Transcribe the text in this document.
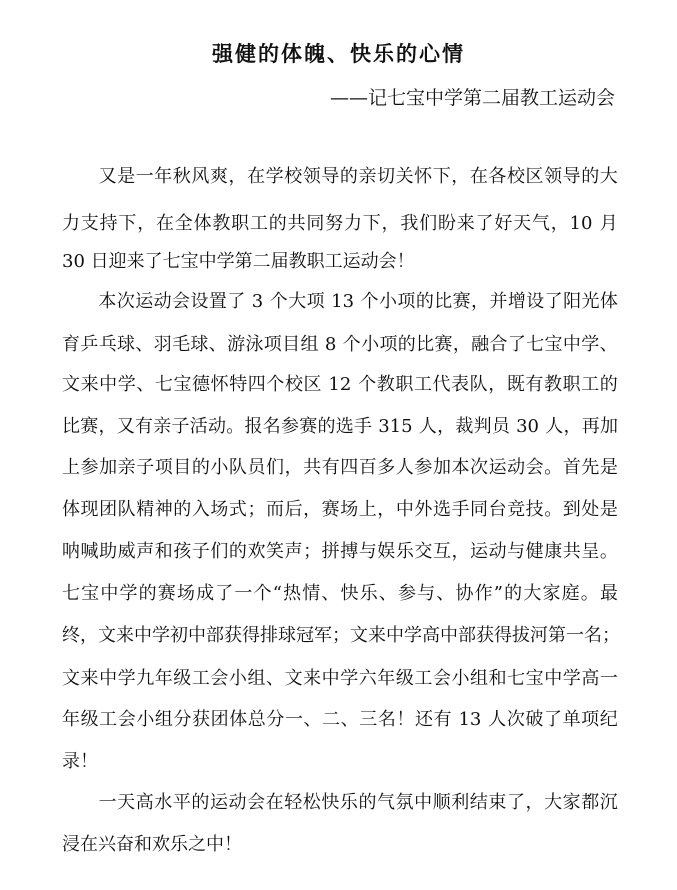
强健的体魄、快乐的心情
——记七宝中学第二届教工运动会

又 是 一 年 秋 风 爽 ， 在 学 校 领 导 的 亲 切 关 怀 下 ， 在 各 校 区 领 导 的 大
力 支 持 下 ， 在 全 体 教 职 工 的 共 同 努 力 下 ， 我 们 盼 来 了 好 天 气 ， 10
月
30 日迎来了七宝中学第二届教职工运动会！

本 次 运 动 会 设 置 了
3
个 大 项
13
个 小 项 的 比 赛 ， 并 增 设 了 阳 光 体
育 乒 乓 球 、 羽 毛 球 、 游 泳 项 目 组
8
个 小 项 的 比 赛 ， 融 合 了 七 宝 中 学 、
文 来 中 学 、 七 宝 德 怀 特 四 个 校 区
12
个 教 职 工 代 表 队 ， 既 有 教 职 工 的
比 赛 ， 又 有 亲 子 活 动 。 报 名 参 赛 的 选 手
315
人 ， 裁 判 员
30
人 ， 再 加
上 参 加 亲 子 项 目 的 小 队 员 们 ， 共 有 四 百 多 人 参 加 本 次 运 动 会 。 首 先 是
体 现 团 队 精 神 的 入 场 式 ； 而 后 ， 赛 场 上 ， 中 外 选 手 同 台 竞 技 。 到 处 是
呐 喊 助 威 声 和 孩 子 们 的 欢 笑 声 ； 拼 搏 与 娱 乐 交 互 ， 运 动 与 健 康 共 呈 。
七 宝 中 学 的 赛 场 成 了 一 个 “ 热 情 、 快 乐 、 参 与 、 协 作 ” 的 大 家 庭 。 最
终 ， 文 来 中 学 初 中 部 获 得 排 球 冠 军 ； 文 来 中 学 高 中 部 获 得 拔 河 第 一 名 ；
文 来 中 学 九 年 级 工 会 小 组 、 文 来 中 学 六 年 级 工 会 小 组 和 七 宝 中 学 高 一
年 级 工 会 小 组 分 获 团 体 总 分 一 、 二 、 三 名 ！ 还 有
13
人 次 破 了 单 项 纪
录！

一 天 高 水 平 的 运 动 会 在 轻 松 快 乐 的 气 氛 中 顺 利 结 束 了 ， 大 家 都 沉
浸在兴奋和欢乐之中！
